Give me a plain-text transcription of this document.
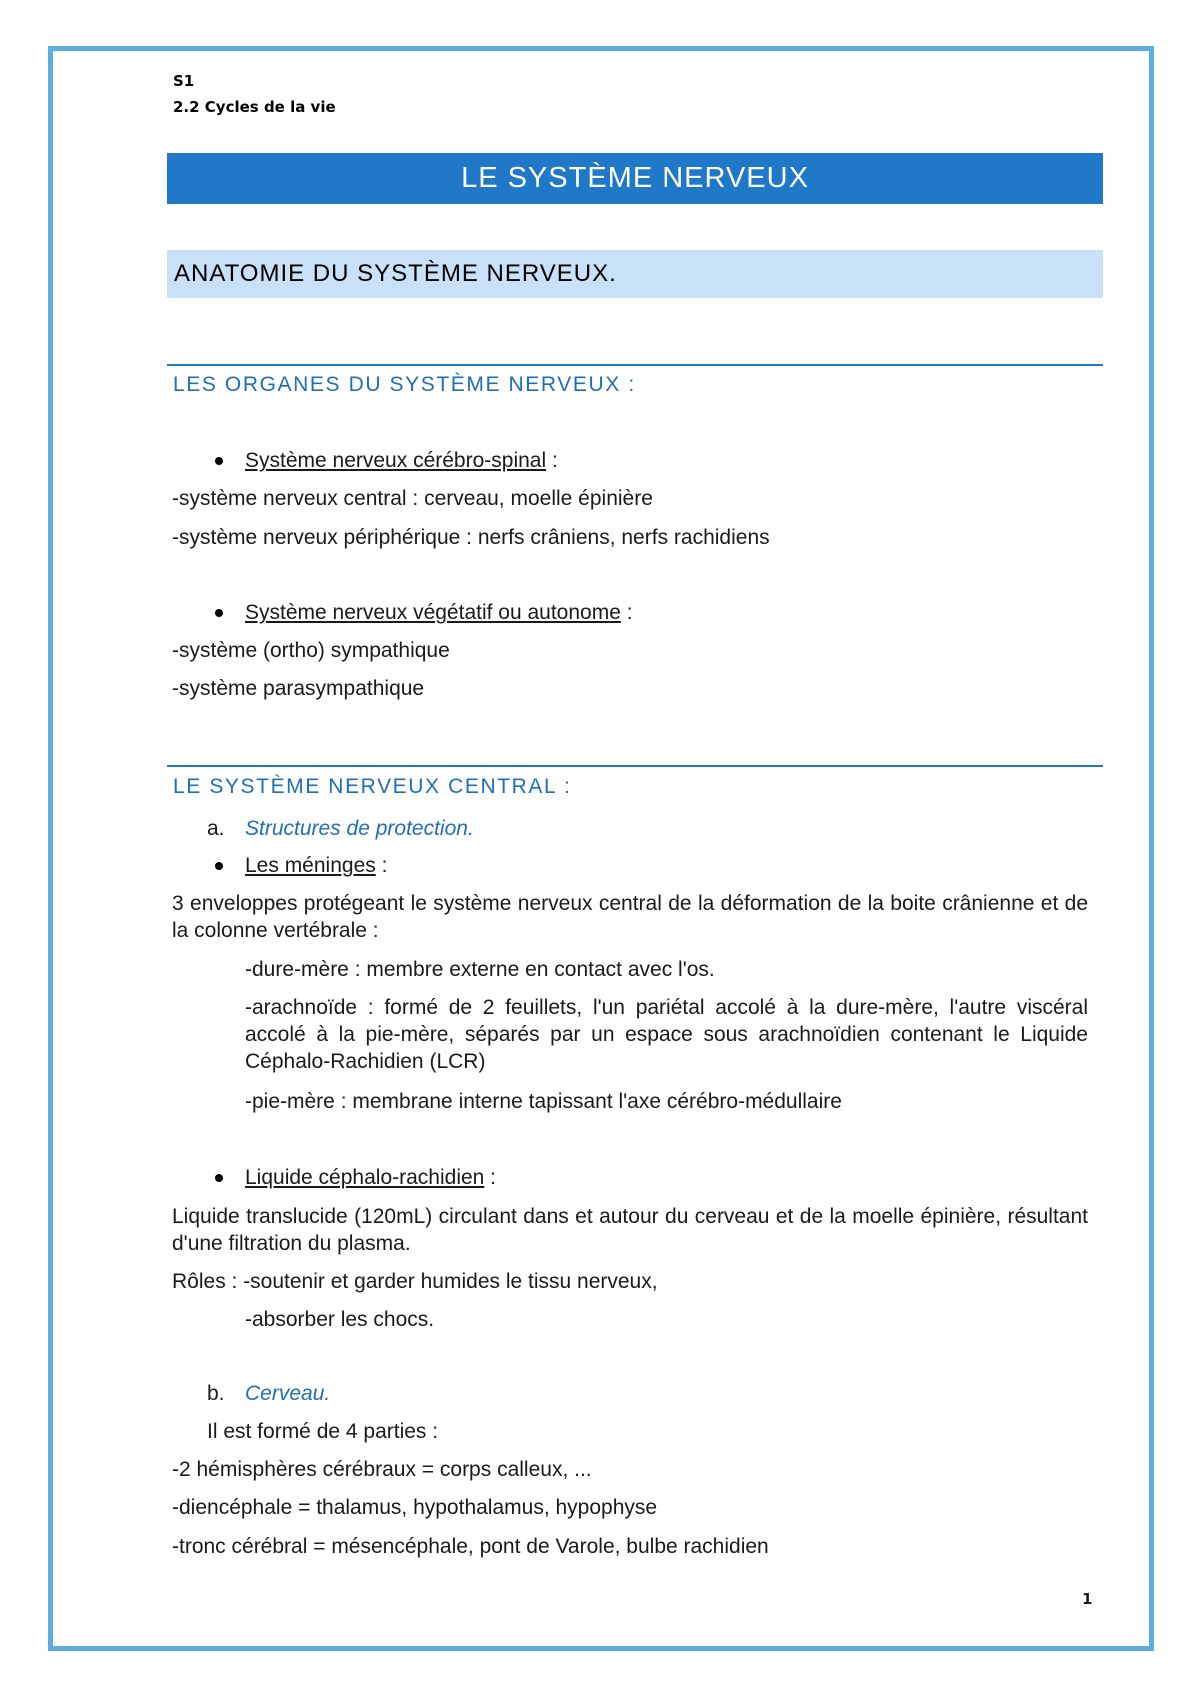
S1
2.2 Cycles de la vie
LE SYSTÈME NERVEUX
ANATOMIE DU SYSTÈME NERVEUX.
LES ORGANES DU SYSTÈME NERVEUX :
Système nerveux cérébro-spinal :
-système nerveux central : cerveau, moelle épinière
-système nerveux périphérique : nerfs crâniens, nerfs rachidiens
Système nerveux végétatif ou autonome :
-système (ortho) sympathique
-système parasympathique
LE SYSTÈME NERVEUX CENTRAL :
a. Structures de protection.
Les méninges :
3 enveloppes protégeant le système nerveux central de la déformation de la boite crânienne et de la colonne vertébrale :
-dure-mère : membre externe en contact avec l'os.
-arachnoïde : formé de 2 feuillets, l'un pariétal accolé à la dure-mère, l'autre viscéral accolé à la pie-mère, séparés par un espace sous arachnoïdien contenant le Liquide Céphalo-Rachidien (LCR)
-pie-mère : membrane interne tapissant l'axe cérébro-médullaire
Liquide céphalo-rachidien :
Liquide translucide (120mL) circulant dans et autour du cerveau et de la moelle épinière, résultant d'une filtration du plasma.
Rôles : -soutenir et garder humides le tissu nerveux,
-absorber les chocs.
b. Cerveau.
Il est formé de 4 parties :
-2 hémisphères cérébraux = corps calleux, ...
-diencéphale = thalamus, hypothalamus, hypophyse
-tronc cérébral = mésencéphale, pont de Varole, bulbe rachidien
1
